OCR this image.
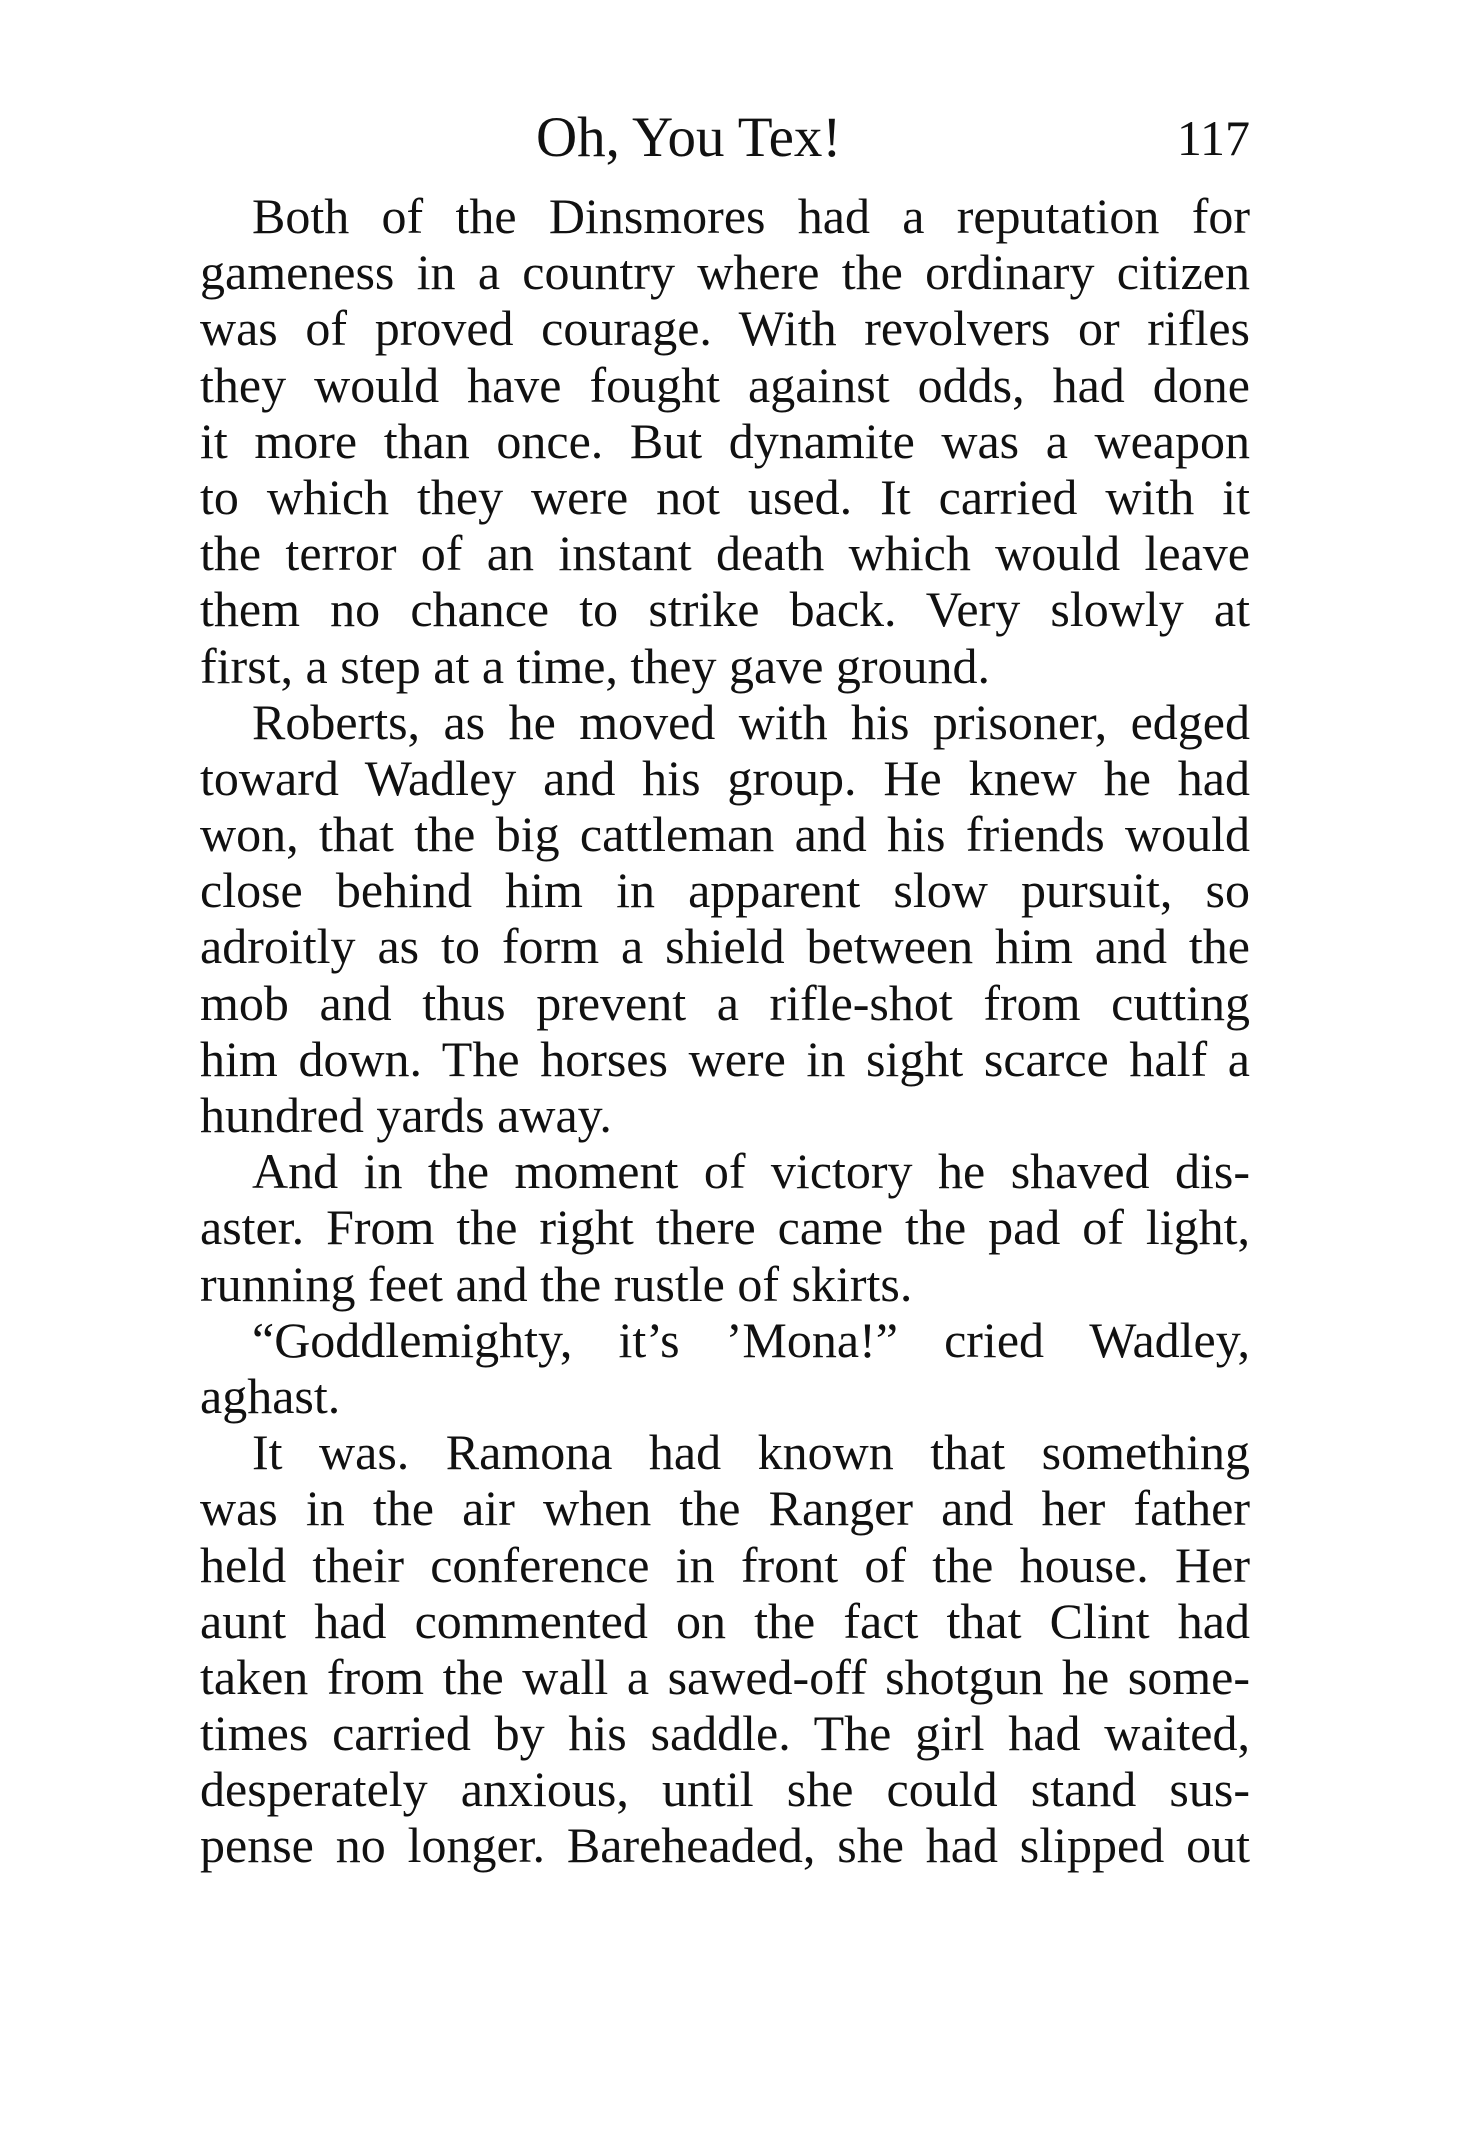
Oh, You Tex!	117
Both of the Dinsmores had a reputation for
gameness in a country where the ordinary citizen
was of proved courage. With revolvers or rifles
they would have fought against odds, had done
it more than once. But dynamite was a weapon
to which they were not used. It carried with it
the terror of an instant death which would leave
them no chance to strike back. Very slowly at
first, a step at a time, they gave ground.
Roberts, as he moved with his prisoner, edged
toward Wadley and his group. He knew he had
won, that the big cattleman and his friends would
close behind him in apparent slow pursuit, so
adroitly as to form a shield between him and the
mob and thus prevent a rifle-shot from cutting
him down. The horses were in sight scarce half a
hundred yards away.
And in the moment of victory he shaved dis-
aster. From the right there came the pad of light,
running feet and the rustle of skirts.
“Goddlemighty, it’s ’Mona!” cried Wadley,
aghast.
It was. Ramona had known that something
was in the air when the Ranger and her father
held their conference in front of the house. Her
aunt had commented on the fact that Clint had
taken from the wall a sawed-off shotgun he some-
times carried by his saddle. The girl had waited,
desperately anxious, until she could stand sus-
pense no longer. Bareheaded, she had slipped out
